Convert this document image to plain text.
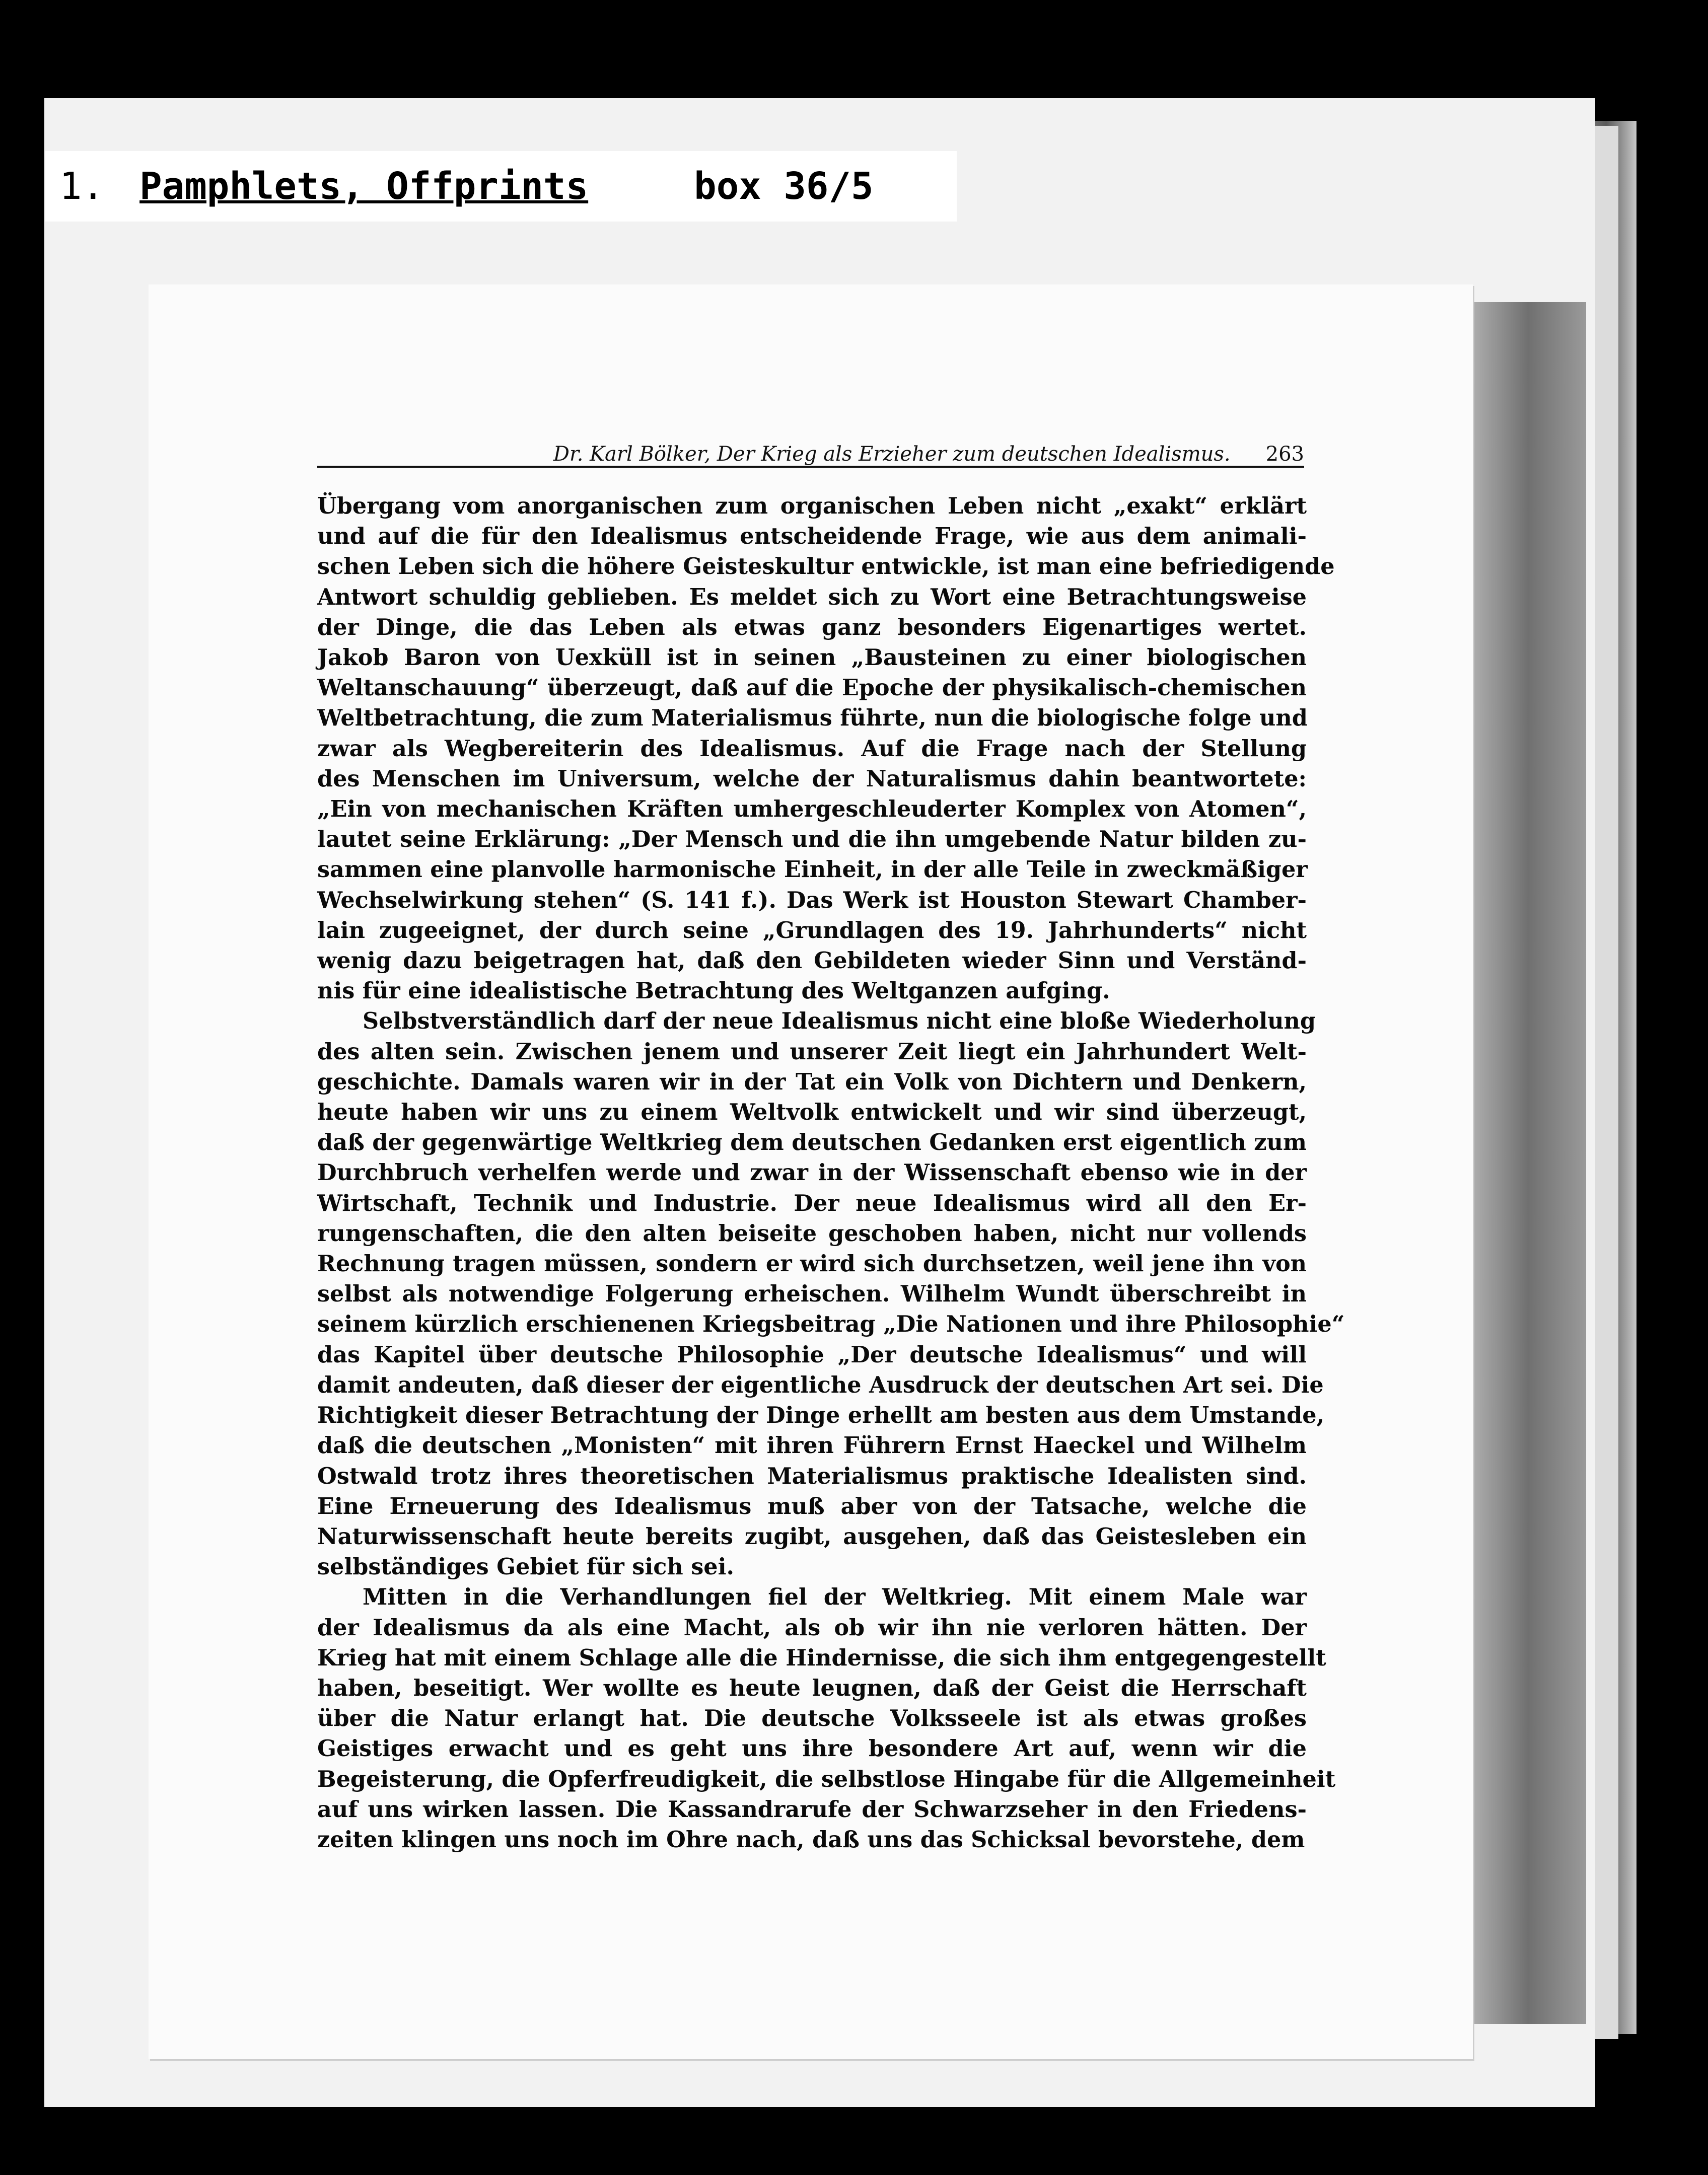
1. Pamphlets, Offprints	box 36/5
Dr. Karl Bölker, Der Krieg als Erzieher zum deutschen Idealismus. 263
Übergang vom anorganischen zum organischen Leben nicht „exakt“ erklärt
und auf die für den Idealismus entscheidende Frage, wie aus dem animali-
schen Leben sich die höhere Geisteskultur entwickle, ist man eine befriedigende
Antwort schuldig geblieben. Es meldet sich zu Wort eine Betrachtungsweise
der Dinge, die das Leben als etwas ganz besonders Eigenartiges wertet.
Jakob Baron von Uexküll ist in seinen „Bausteinen zu einer biologischen
Weltanschauung“ überzeugt, daß auf die Epoche der physikalisch-chemischen
Weltbetrachtung, die zum Materialismus führte, nun die biologische folge und
zwar als Wegbereiterin des Idealismus. Auf die Frage nach der Stellung
des Menschen im Universum, welche der Naturalismus dahin beantwortete:
„Ein von mechanischen Kräften umhergeschleuderter Komplex von Atomen“,
lautet seine Erklärung: „Der Mensch und die ihn umgebende Natur bilden zu-
sammen eine planvolle harmonische Einheit, in der alle Teile in zweckmäßiger
Wechselwirkung stehen“ (S. 141 f.). Das Werk ist Houston Stewart Chamber-
lain zugeeignet, der durch seine „Grundlagen des 19. Jahrhunderts“ nicht
wenig dazu beigetragen hat, daß den Gebildeten wieder Sinn und Verständ-
nis für eine idealistische Betrachtung des Weltganzen aufging.
Selbstverständlich darf der neue Idealismus nicht eine bloße Wiederholung
des alten sein. Zwischen jenem und unserer Zeit liegt ein Jahrhundert Welt-
geschichte. Damals waren wir in der Tat ein Volk von Dichtern und Denkern,
heute haben wir uns zu einem Weltvolk entwickelt und wir sind überzeugt,
daß der gegenwärtige Weltkrieg dem deutschen Gedanken erst eigentlich zum
Durchbruch verhelfen werde und zwar in der Wissenschaft ebenso wie in der
Wirtschaft, Technik und Industrie. Der neue Idealismus wird all den Er-
rungenschaften, die den alten beiseite geschoben haben, nicht nur vollends
Rechnung tragen müssen, sondern er wird sich durchsetzen, weil jene ihn von
selbst als notwendige Folgerung erheischen. Wilhelm Wundt überschreibt in
seinem kürzlich erschienenen Kriegsbeitrag „Die Nationen und ihre Philosophie“
das Kapitel über deutsche Philosophie „Der deutsche Idealismus“ und will
damit andeuten, daß dieser der eigentliche Ausdruck der deutschen Art sei. Die
Richtigkeit dieser Betrachtung der Dinge erhellt am besten aus dem Umstande,
daß die deutschen „Monisten“ mit ihren Führern Ernst Haeckel und Wilhelm
Ostwald trotz ihres theoretischen Materialismus praktische Idealisten sind.
Eine Erneuerung des Idealismus muß aber von der Tatsache, welche die
Naturwissenschaft heute bereits zugibt, ausgehen, daß das Geistesleben ein
selbständiges Gebiet für sich sei.
Mitten in die Verhandlungen fiel der Weltkrieg. Mit einem Male war
der Idealismus da als eine Macht, als ob wir ihn nie verloren hätten. Der
Krieg hat mit einem Schlage alle die Hindernisse, die sich ihm entgegengestellt
haben, beseitigt. Wer wollte es heute leugnen, daß der Geist die Herrschaft
über die Natur erlangt hat. Die deutsche Volksseele ist als etwas großes
Geistiges erwacht und es geht uns ihre besondere Art auf, wenn wir die
Begeisterung, die Opferfreudigkeit, die selbstlose Hingabe für die Allgemeinheit
auf uns wirken lassen. Die Kassandrarufe der Schwarzseher in den Friedens-
zeiten klingen uns noch im Ohre nach, daß uns das Schicksal bevorstehe, dem
